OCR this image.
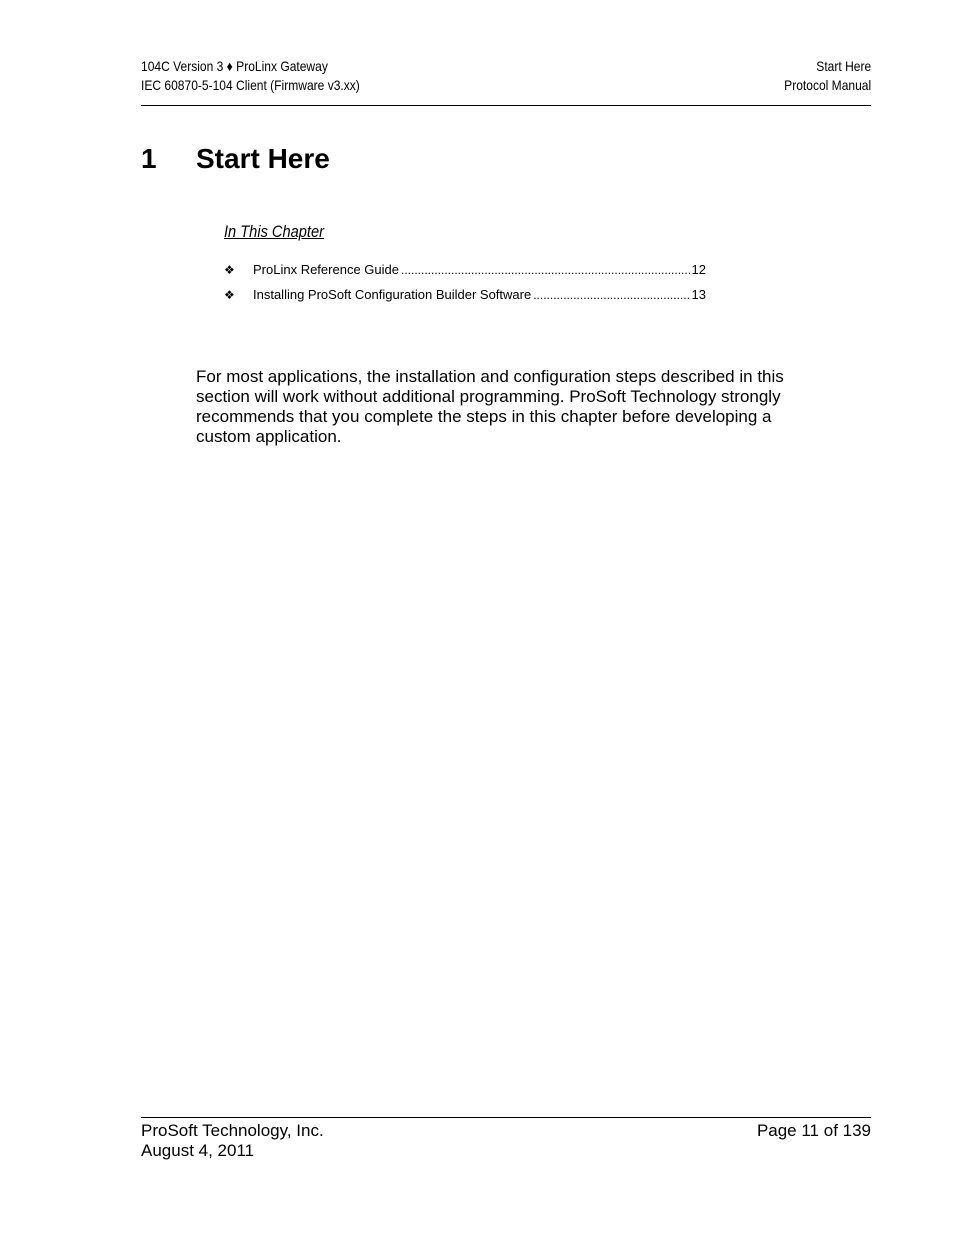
104C Version 3 ♦ ProLinx Gateway
IEC 60870-5-104 Client (Firmware v3.xx)
Start Here
Protocol Manual
1 Start Here
In This Chapter
❖	ProLinx Reference Guide .....	12
❖	Installing ProSoft Configuration Builder Software .....	13
For most applications, the installation and configuration steps described in this section will work without additional programming. ProSoft Technology strongly recommends that you complete the steps in this chapter before developing a custom application.
ProSoft Technology, Inc.
August 4, 2011
Page 11 of 139
